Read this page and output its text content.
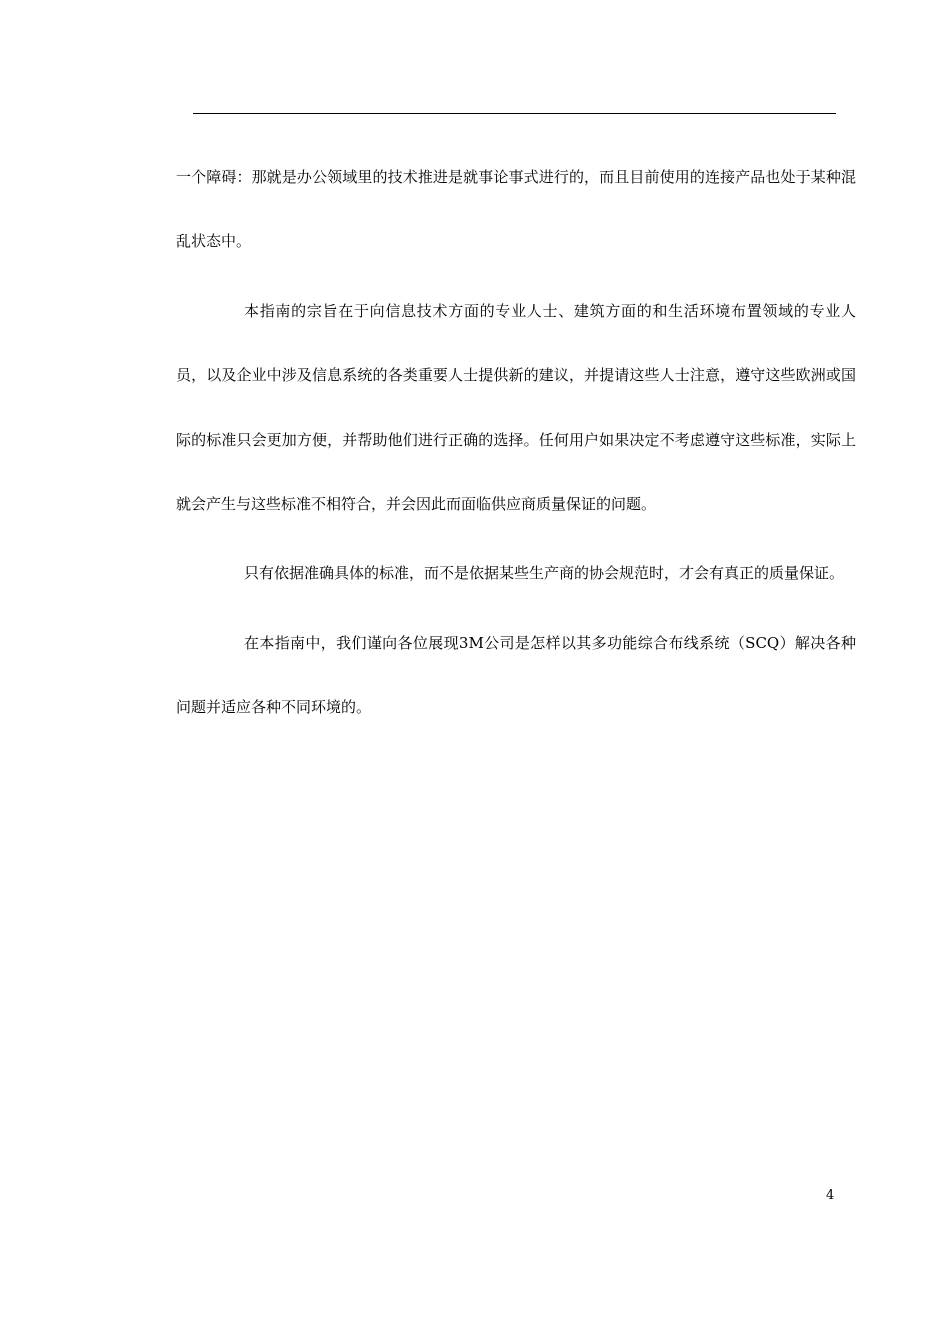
一个障碍：那就是办公领域里的技术推进是就事论事式进行的，而且目前使用的连接产品也处于某种混乱状态中。

本指南的宗旨在于向信息技术方面的专业人士、建筑方面的和生活环境布置领域的专业人员，以及企业中涉及信息系统的各类重要人士提供新的建议，并提请这些人士注意，遵守这些欧洲或国际的标准只会更加方便，并帮助他们进行正确的选择。任何用户如果决定不考虑遵守这些标准，实际上就会产生与这些标准不相符合，并会因此而面临供应商质量保证的问题。

只有依据准确具体的标准，而不是依据某些生产商的协会规范时，才会有真正的质量保证。

在本指南中，我们谨向各位展现3M公司是怎样以其多功能综合布线系统（SCQ）解决各种问题并适应各种不同环境的。

4
